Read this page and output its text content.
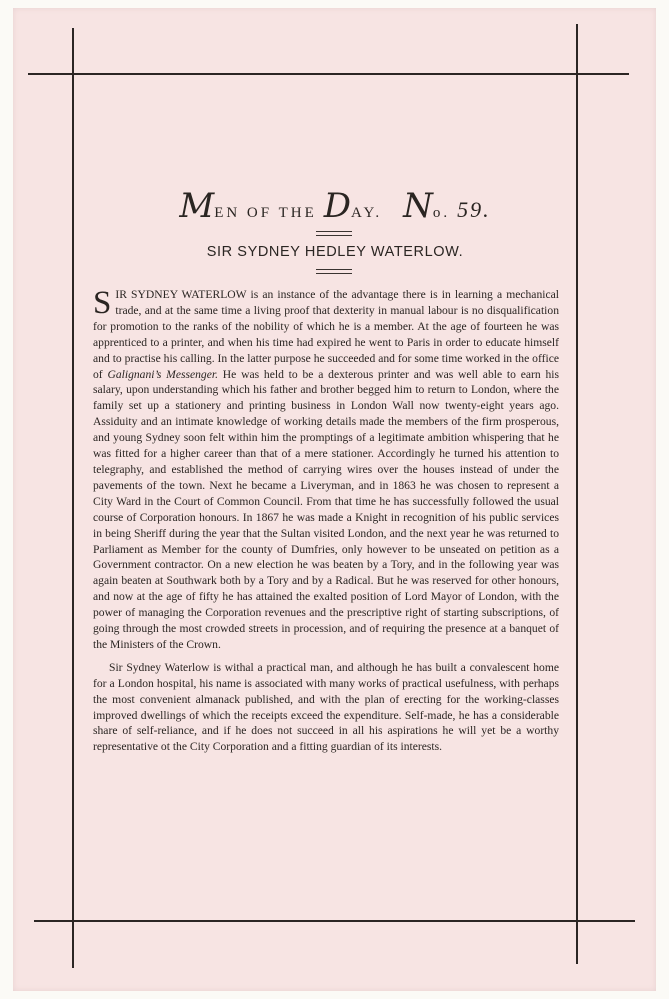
MEN OF THE DAY. No. 59.
SIR SYDNEY HEDLEY WATERLOW.

SIR SYDNEY WATERLOW is an instance of the advantage there is in learning a mechanical trade, and at the same time a living proof that dexterity in manual labour is no disqualification for promotion to the ranks of the nobility of which he is a member. At the age of fourteen he was apprenticed to a printer, and when his time had expired he went to Paris in order to educate himself and to practise his calling. In the latter purpose he succeeded and for some time worked in the office of Galignani’s Messenger. He was held to be a dexterous printer and was well able to earn his salary, upon understanding which his father and brother begged him to return to London, where the family set up a stationery and printing business in London Wall now twenty-eight years ago. Assiduity and an intimate knowledge of working details made the members of the firm prosperous, and young Sydney soon felt within him the promptings of a legitimate ambition whispering that he was fitted for a higher career than that of a mere stationer. Accordingly he turned his attention to telegraphy, and established the method of carrying wires over the houses instead of under the pavements of the town. Next he became a Liveryman, and in 1863 he was chosen to represent a City Ward in the Court of Common Council. From that time he has successfully followed the usual course of Corporation honours. In 1867 he was made a Knight in recognition of his public services in being Sheriff during the year that the Sultan visited London, and the next year he was returned to Parliament as Member for the county of Dumfries, only however to be unseated on petition as a Government contractor. On a new election he was beaten by a Tory, and in the following year was again beaten at Southwark both by a Tory and by a Radical. But he was reserved for other honours, and now at the age of fifty he has attained the exalted position of Lord Mayor of London, with the power of managing the Corporation revenues and the prescriptive right of starting subscriptions, of going through the most crowded streets in procession, and of requiring the presence at a banquet of the Ministers of the Crown.

Sir Sydney Waterlow is withal a practical man, and although he has built a convalescent home for a London hospital, his name is associated with many works of practical usefulness, with perhaps the most convenient almanack published, and with the plan of erecting for the working-classes improved dwellings of which the receipts exceed the expenditure. Self-made, he has a considerable share of self-reliance, and if he does not succeed in all his aspirations he will yet be a worthy representative ot the City Corporation and a fitting guardian of its interests.
